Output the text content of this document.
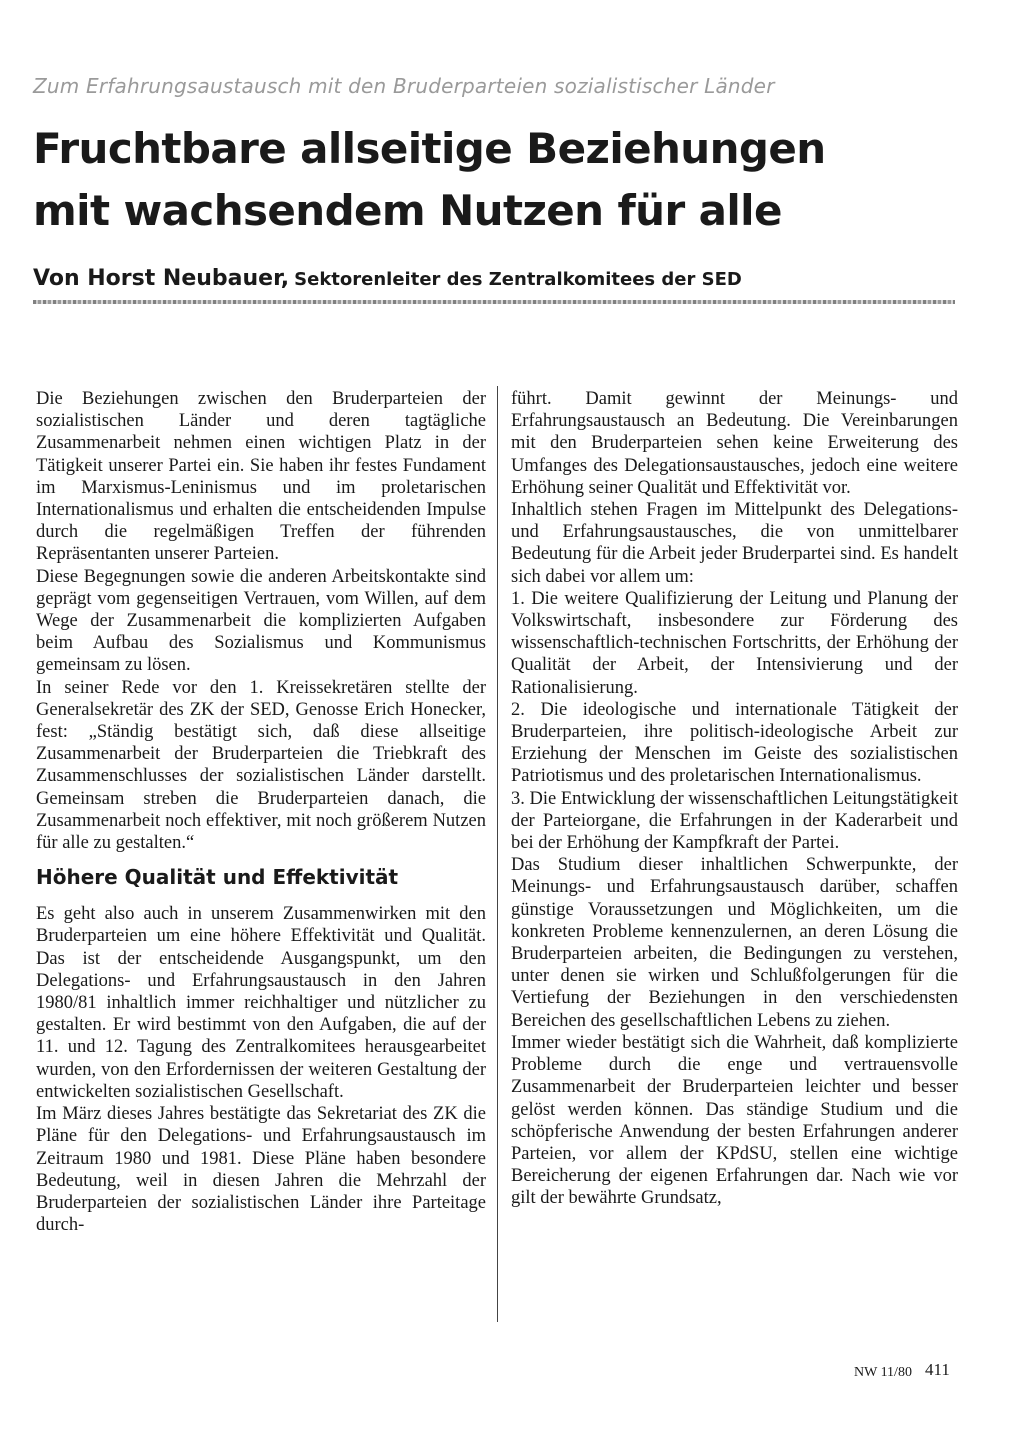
Zum Erfahrungsaustausch mit den Bruderparteien sozialistischer Länder
Fruchtbare allseitige Beziehungen
mit wachsendem Nutzen für alle
Von Horst Neubauer, Sektorenleiter des Zentralkomitees der SED

Die Beziehungen zwischen den Bruderparteien der sozialistischen Länder und deren tagtägliche Zusammenarbeit nehmen einen wichtigen Platz in der Tätigkeit unserer Partei ein. Sie haben ihr festes Fundament im Marxismus-Leninismus und im proletarischen Internationalismus und erhalten die entscheidenden Impulse durch die regelmäßigen Treffen der führenden Repräsentanten unserer Parteien.

Diese Begegnungen sowie die anderen Arbeitskontakte sind geprägt vom gegenseitigen Vertrauen, vom Willen, auf dem Wege der Zusammenarbeit die komplizierten Aufgaben beim Aufbau des Sozialismus und Kommunismus gemeinsam zu lösen.

In seiner Rede vor den 1. Kreissekretären stellte der Generalsekretär des ZK der SED, Genosse Erich Honecker, fest: „Ständig bestätigt sich, daß diese allseitige Zusammenarbeit der Bruderparteien die Triebkraft des Zusammenschlusses der sozialistischen Länder darstellt. Gemeinsam streben die Bruderparteien danach, die Zusammenarbeit noch effektiver, mit noch größerem Nutzen für alle zu gestalten.“

Höhere Qualität und Effektivität

Es geht also auch in unserem Zusammenwirken mit den Bruderparteien um eine höhere Effektivität und Qualität. Das ist der entscheidende Ausgangspunkt, um den Delegations- und Erfahrungsaustausch in den Jahren 1980/81 inhaltlich immer reichhaltiger und nützlicher zu gestalten. Er wird bestimmt von den Aufgaben, die auf der 11. und 12. Tagung des Zentralkomitees herausgearbeitet wurden, von den Erfordernissen der weiteren Gestaltung der entwickelten sozialistischen Gesellschaft.

Im März dieses Jahres bestätigte das Sekretariat des ZK die Pläne für den Delegations- und Erfahrungsaustausch im Zeitraum 1980 und 1981. Diese Pläne haben besondere Bedeutung, weil in diesen Jahren die Mehrzahl der Bruderparteien der sozialistischen Länder ihre Parteitage durch-

führt. Damit gewinnt der Meinungs- und Erfahrungsaustausch an Bedeutung. Die Vereinbarungen mit den Bruderparteien sehen keine Erweiterung des Umfanges des Delegationsaustausches, jedoch eine weitere Erhöhung seiner Qualität und Effektivität vor.

Inhaltlich stehen Fragen im Mittelpunkt des Delegations- und Erfahrungsaustausches, die von unmittelbarer Bedeutung für die Arbeit jeder Bruderpartei sind. Es handelt sich dabei vor allem um:

1. Die weitere Qualifizierung der Leitung und Planung der Volkswirtschaft, insbesondere zur Förderung des wissenschaftlich-technischen Fortschritts, der Erhöhung der Qualität der Arbeit, der Intensivierung und der Rationalisierung.

2. Die ideologische und internationale Tätigkeit der Bruderparteien, ihre politisch-ideologische Arbeit zur Erziehung der Menschen im Geiste des sozialistischen Patriotismus und des proletarischen Internationalismus.

3. Die Entwicklung der wissenschaftlichen Leitungstätigkeit der Parteiorgane, die Erfahrungen in der Kaderarbeit und bei der Erhöhung der Kampfkraft der Partei.

Das Studium dieser inhaltlichen Schwerpunkte, der Meinungs- und Erfahrungsaustausch darüber, schaffen günstige Voraussetzungen und Möglichkeiten, um die konkreten Probleme kennenzulernen, an deren Lösung die Bruderparteien arbeiten, die Bedingungen zu verstehen, unter denen sie wirken und Schlußfolgerungen für die Vertiefung der Beziehungen in den verschiedensten Bereichen des gesellschaftlichen Lebens zu ziehen.

Immer wieder bestätigt sich die Wahrheit, daß komplizierte Probleme durch die enge und vertrauensvolle Zusammenarbeit der Bruderparteien leichter und besser gelöst werden können. Das ständige Studium und die schöpferische Anwendung der besten Erfahrungen anderer Parteien, vor allem der KPdSU, stellen eine wichtige Bereicherung der eigenen Erfahrungen dar. Nach wie vor gilt der bewährte Grundsatz,

NW 11/80 411
